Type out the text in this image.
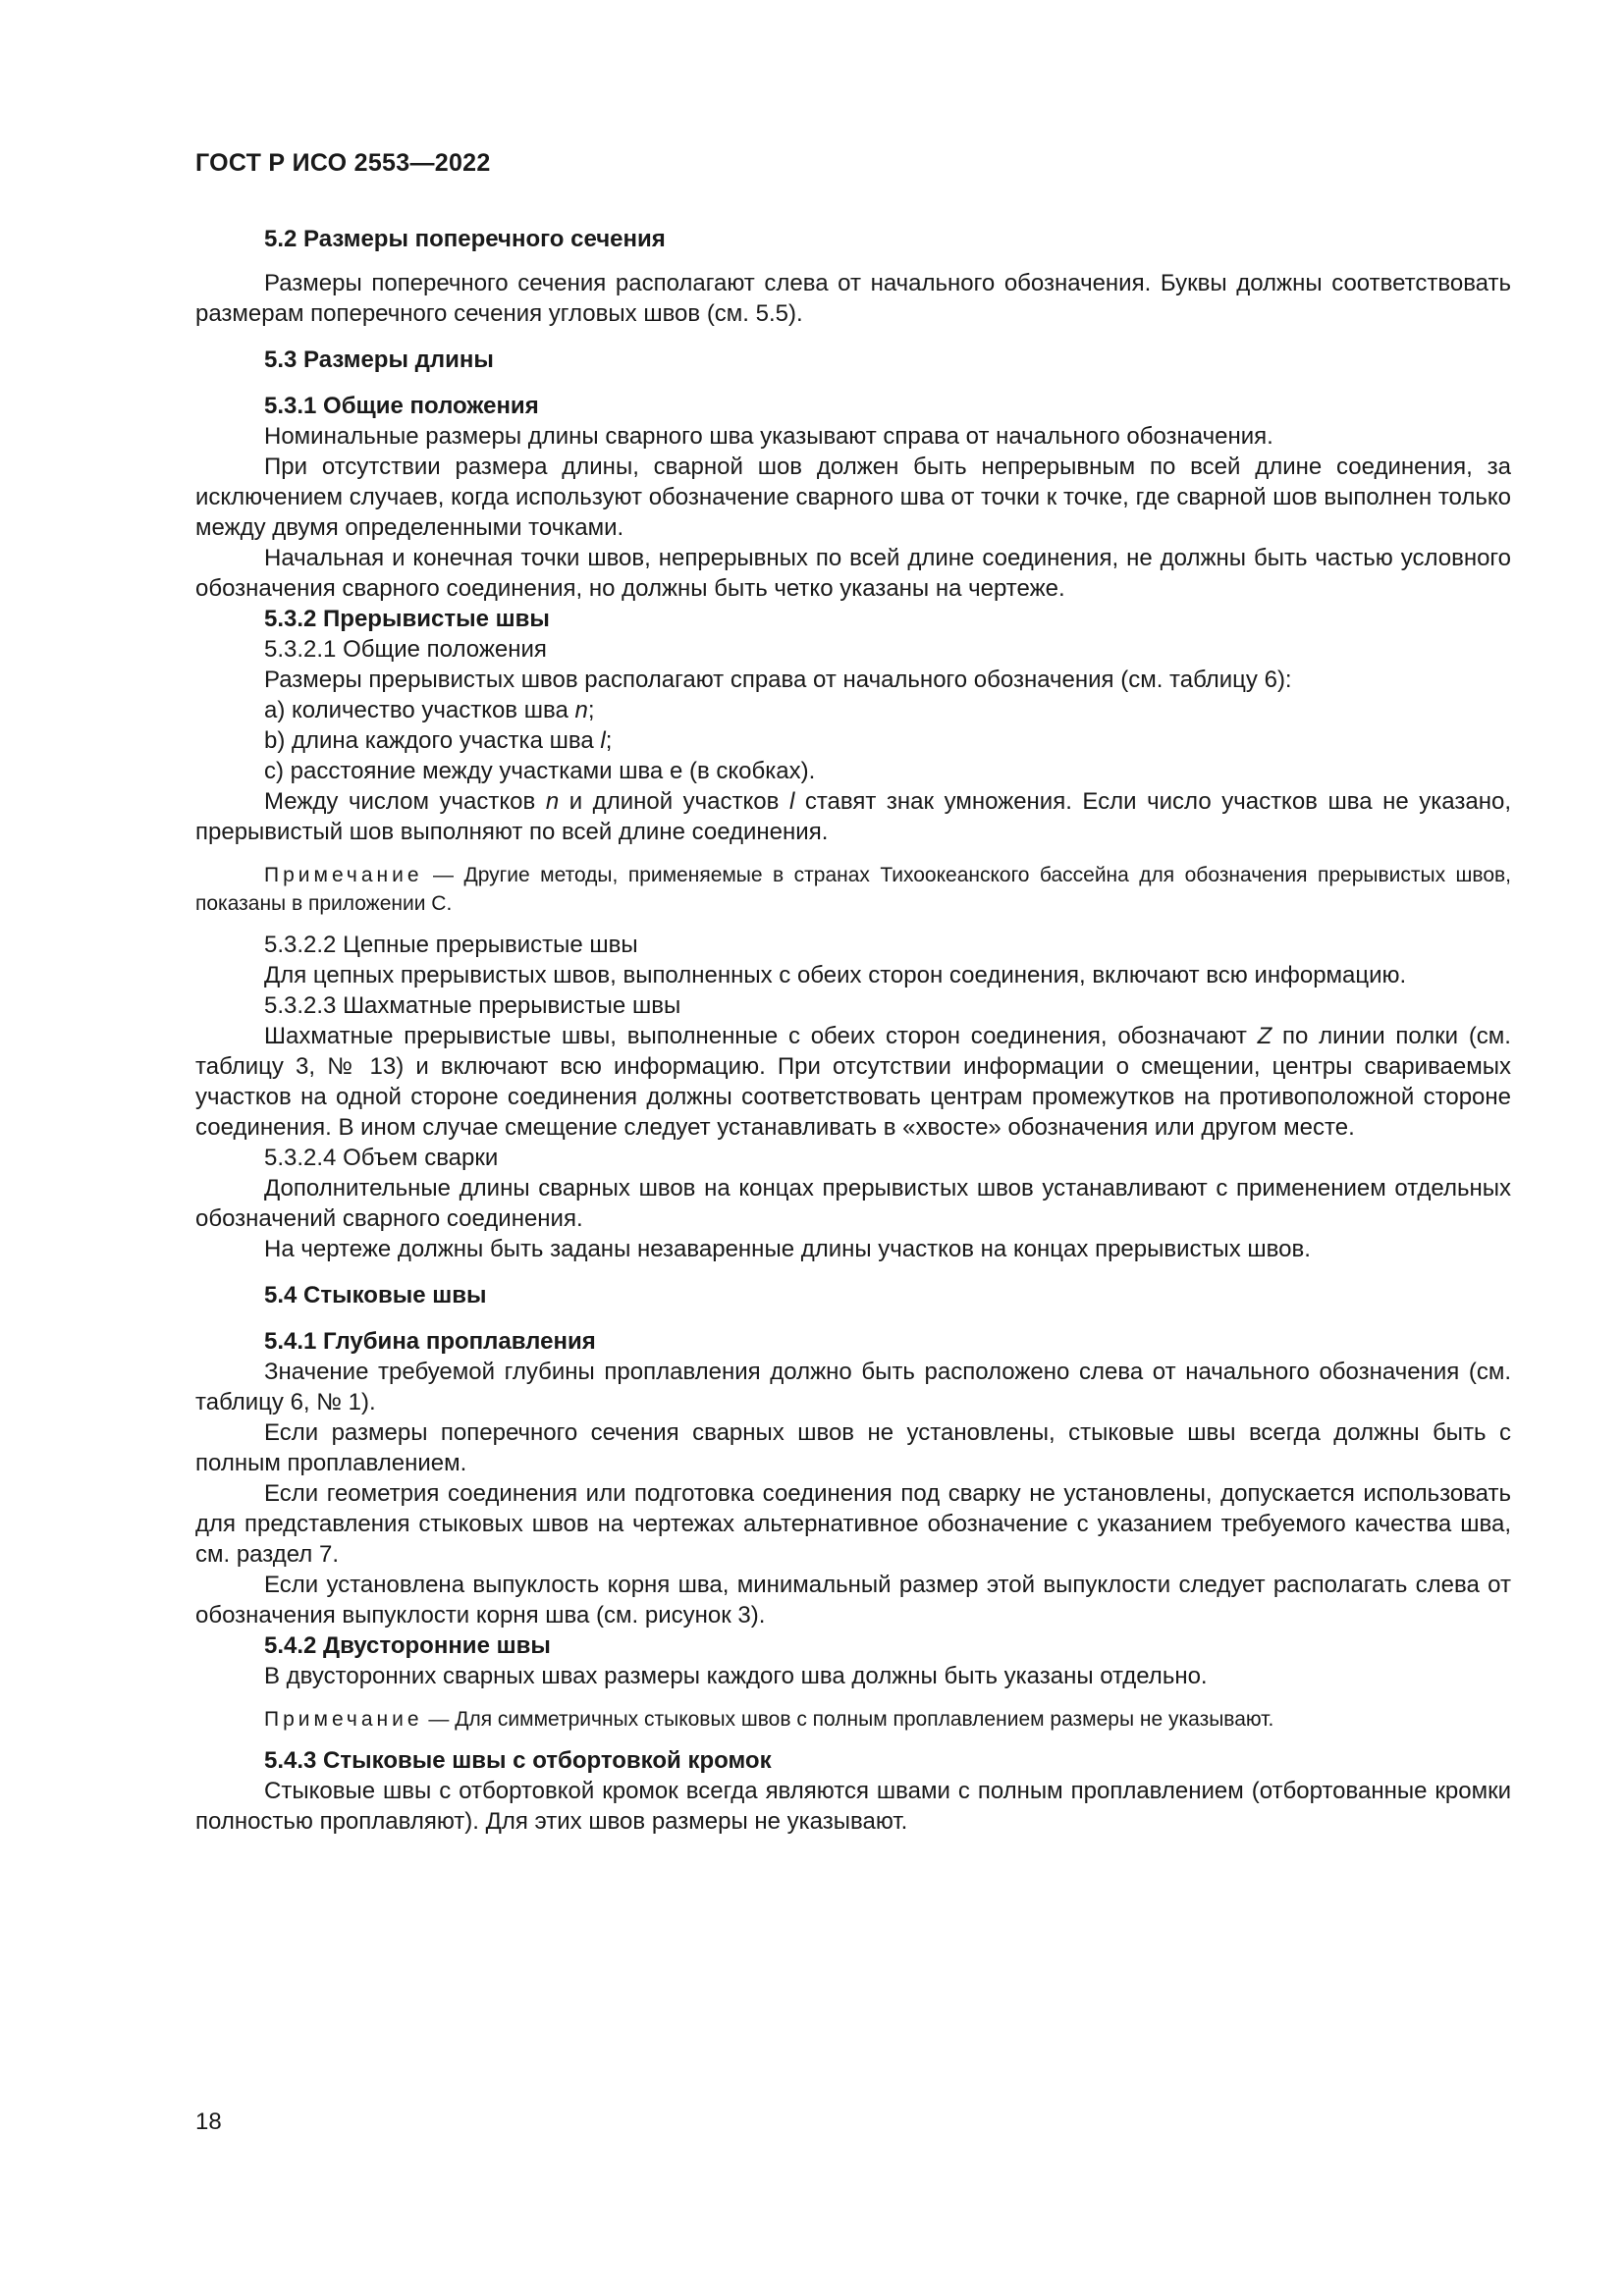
ГОСТ Р ИСО 2553—2022
5.2 Размеры поперечного сечения

Размеры поперечного сечения располагают слева от начального обозначения. Буквы должны соответствовать размерам поперечного сечения угловых швов (см. 5.5).

5.3 Размеры длины
5.3.1 Общие положения

Номинальные размеры длины сварного шва указывают справа от начального обозначения.

При отсутствии размера длины, сварной шов должен быть непрерывным по всей длине соединения, за исключением случаев, когда используют обозначение сварного шва от точки к точке, где сварной шов выполнен только между двумя определенными точками.

Начальная и конечная точки швов, непрерывных по всей длине соединения, не должны быть частью условного обозначения сварного соединения, но должны быть четко указаны на чертеже.

5.3.2 Прерывистые швы

5.3.2.1 Общие положения

Размеры прерывистых швов располагают справа от начального обозначения (см. таблицу 6):

a) количество участков шва n;

b) длина каждого участка шва l;

c) расстояние между участками шва е (в скобках).

Между числом участков n и длиной участков l ставят знак умножения. Если число участков шва не указано, прерывистый шов выполняют по всей длине соединения.

Примечание — Другие методы, применяемые в странах Тихоокеанского бассейна для обозначения прерывистых швов, показаны в приложении С.

5.3.2.2 Цепные прерывистые швы

Для цепных прерывистых швов, выполненных с обеих сторон соединения, включают всю информацию.

5.3.2.3 Шахматные прерывистые швы

Шахматные прерывистые швы, выполненные с обеих сторон соединения, обозначают Z по линии полки (см. таблицу 3, № 13) и включают всю информацию. При отсутствии информации о смещении, центры свариваемых участков на одной стороне соединения должны соответствовать центрам промежутков на противоположной стороне соединения. В ином случае смещение следует устанавливать в «хвосте» обозначения или другом месте.

5.3.2.4 Объем сварки

Дополнительные длины сварных швов на концах прерывистых швов устанавливают с применением отдельных обозначений сварного соединения.

На чертеже должны быть заданы незаваренные длины участков на концах прерывистых швов.

5.4 Стыковые швы
5.4.1 Глубина проплавления

Значение требуемой глубины проплавления должно быть расположено слева от начального обозначения (см. таблицу 6, № 1).

Если размеры поперечного сечения сварных швов не установлены, стыковые швы всегда должны быть с полным проплавлением.

Если геометрия соединения или подготовка соединения под сварку не установлены, допускается использовать для представления стыковых швов на чертежах альтернативное обозначение с указанием требуемого качества шва, см. раздел 7.

Если установлена выпуклость корня шва, минимальный размер этой выпуклости следует располагать слева от обозначения выпуклости корня шва (см. рисунок 3).

5.4.2 Двусторонние швы

В двусторонних сварных швах размеры каждого шва должны быть указаны отдельно.

Примечание — Для симметричных стыковых швов с полным проплавлением размеры не указывают.
5.4.3 Стыковые швы с отбортовкой кромок

Стыковые швы с отбортовкой кромок всегда являются швами с полным проплавлением (отбортованные кромки полностью проплавляют). Для этих швов размеры не указывают.

18
